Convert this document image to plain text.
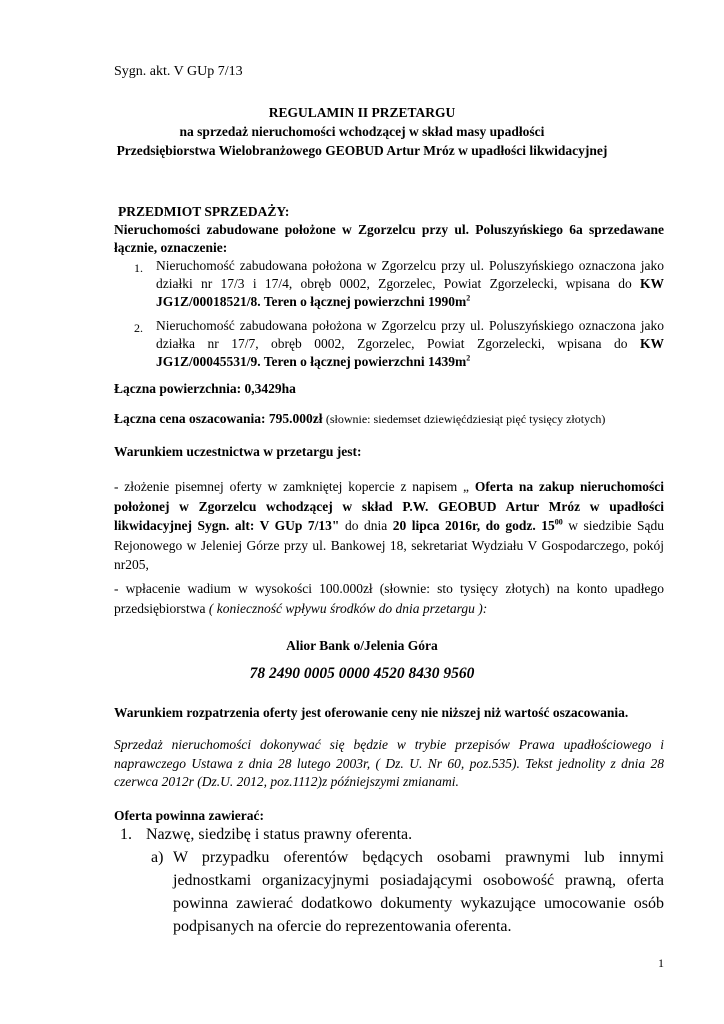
Sygn. akt. V GUp 7/13
REGULAMIN II PRZETARGU
na sprzedaż nieruchomości wchodzącej w skład masy upadłości
Przedsiębiorstwa Wielobranżowego GEOBUD Artur Mróz w upadłości likwidacyjnej
PRZEDMIOT SPRZEDAŻY:
Nieruchomości zabudowane położone w Zgorzelcu przy ul. Poluszyńskiego 6a sprzedawane łącznie, oznaczenie:
1. Nieruchomość zabudowana położona w Zgorzelcu przy ul. Poluszyńskiego oznaczona jako działki nr 17/3 i 17/4, obręb 0002, Zgorzelec, Powiat Zgorzelecki, wpisana do KW JG1Z/00018521/8. Teren o łącznej powierzchni $1990m^2$
2. Nieruchomość zabudowana położona w Zgorzelcu przy ul. Poluszyńskiego oznaczona jako działka nr 17/7, obręb 0002, Zgorzelec, Powiat Zgorzelecki, wpisana do KW JG1Z/00045531/9. Teren o łącznej powierzchni $1439m^2$
Łączna powierzchnia: 0,3429ha
Łączna cena oszacowania: 795.000zł (słownie: siedemset dziewięćdziesiąt pięć tysięcy złotych)
Warunkiem uczestnictwa w przetargu jest:
- złożenie pisemnej oferty w zamkniętej kopercie z napisem „ Oferta na zakup nieruchomości położonej w Zgorzelcu wchodzącej w skład P.W. GEOBUD Artur Mróz w upadłości likwidacyjnej Sygn. alt: V GUp 7/13" do dnia 20 lipca 2016r, do godz. $15^{00}$ w siedzibie Sądu Rejonowego w Jeleniej Górze przy ul. Bankowej 18, sekretariat Wydziału V Gospodarczego, pokój nr205,
- wpłacenie wadium w wysokości 100.000zł (słownie: sto tysięcy złotych) na konto upadłego przedsiębiorstwa ( konieczność wpływu środków do dnia przetargu ):
Alior Bank o/Jelenia Góra
78 2490 0005 0000 4520 8430 9560
Warunkiem rozpatrzenia oferty jest oferowanie ceny nie niższej niż wartość oszacowania.
Sprzedaż nieruchomości dokonywać się będzie w trybie przepisów Prawa upadłościowego i naprawczego Ustawa z dnia 28 lutego 2003r, ( Dz. U. Nr 60, poz.535). Tekst jednolity z dnia 28 czerwca 2012r (Dz.U. 2012, poz.1112)z późniejszymi zmianami.
Oferta powinna zawierać:
1. Nazwę, siedzibę i status prawny oferenta.
a) W przypadku oferentów będących osobami prawnymi lub innymi jednostkami organizacyjnymi posiadającymi osobowość prawną, oferta powinna zawierać dodatkowo dokumenty wykazujące umocowanie osób podpisanych na ofercie do reprezentowania oferenta.
1
